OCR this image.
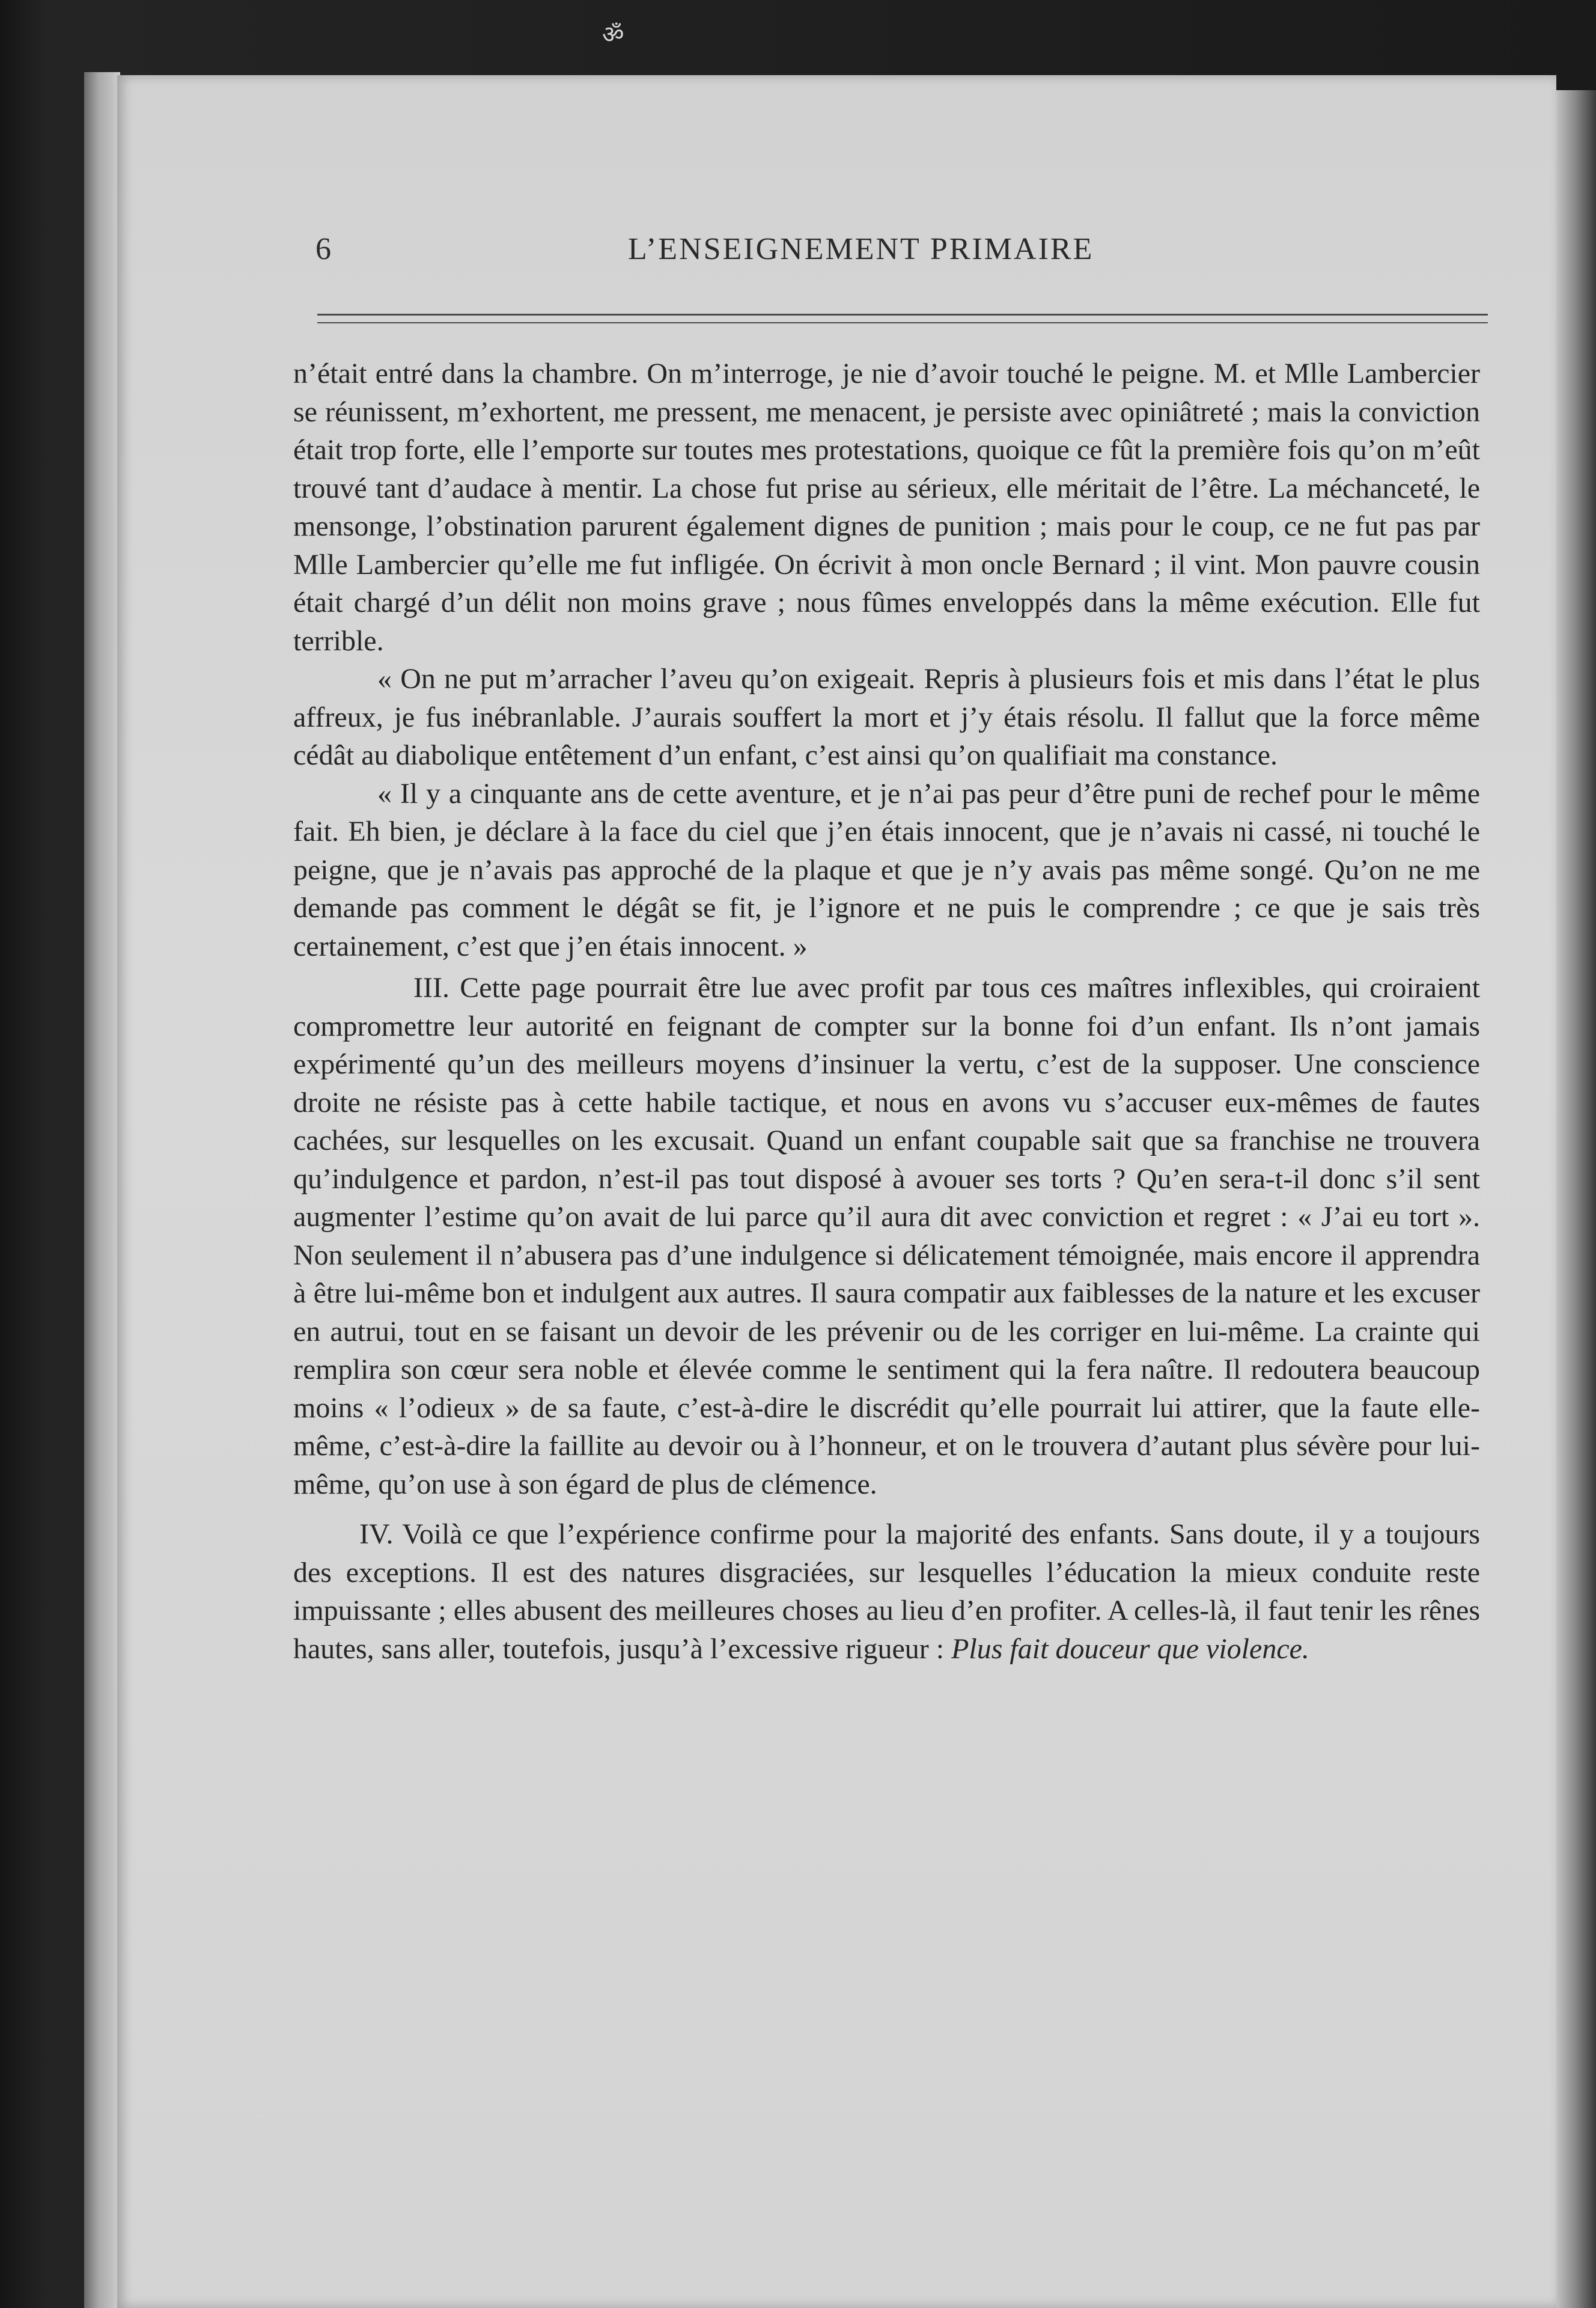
ॐ
6	L’ENSEIGNEMENT PRIMAIRE

n’était entré dans la chambre. On m’interroge, je nie d’avoir touché le peigne. M. et Mlle Lambercier se réunissent, m’exhortent, me pressent, me menacent, je persiste avec opiniâtreté ; mais la conviction était trop forte, elle l’emporte sur toutes mes protestations, quoique ce fût la première fois qu’on m’eût trouvé tant d’audace à mentir. La chose fut prise au sérieux, elle méritait de l’être. La méchanceté, le mensonge, l’obstination parurent également dignes de punition ; mais pour le coup, ce ne fut pas par Mlle Lambercier qu’elle me fut infligée. On écrivit à mon oncle Bernard ; il vint. Mon pauvre cousin était chargé d’un délit non moins grave ; nous fûmes enveloppés dans la même exécution. Elle fut terrible.

« On ne put m’arracher l’aveu qu’on exigeait. Repris à plusieurs fois et mis dans l’état le plus affreux, je fus inébranlable. J’aurais souffert la mort et j’y étais résolu. Il fallut que la force même cédât au diabolique entêtement d’un enfant, c’est ainsi qu’on qualifiait ma constance.

« Il y a cinquante ans de cette aventure, et je n’ai pas peur d’être puni de rechef pour le même fait. Eh bien, je déclare à la face du ciel que j’en étais innocent, que je n’avais ni cassé, ni touché le peigne, que je n’avais pas approché de la plaque et que je n’y avais pas même songé. Qu’on ne me demande pas comment le dégât se fit, je l’ignore et ne puis le comprendre ; ce que je sais très certainement, c’est que j’en étais innocent. »

III. Cette page pourrait être lue avec profit par tous ces maîtres inflexibles, qui croiraient compromettre leur autorité en feignant de compter sur la bonne foi d’un enfant. Ils n’ont jamais expérimenté qu’un des meilleurs moyens d’insinuer la vertu, c’est de la supposer. Une conscience droite ne résiste pas à cette habile tactique, et nous en avons vu s’accuser eux-mêmes de fautes cachées, sur lesquelles on les excusait. Quand un enfant coupable sait que sa franchise ne trouvera qu’indulgence et pardon, n’est-il pas tout disposé à avouer ses torts ? Qu’en sera-t-il donc s’il sent augmenter l’estime qu’on avait de lui parce qu’il aura dit avec conviction et regret : « J’ai eu tort ». Non seulement il n’abusera pas d’une indulgence si délicatement témoignée, mais encore il apprendra à être lui-même bon et indulgent aux autres. Il saura compatir aux faiblesses de la nature et les excuser en autrui, tout en se faisant un devoir de les prévenir ou de les corriger en lui-même. La crainte qui remplira son cœur sera noble et élevée comme le sentiment qui la fera naître. Il redoutera beaucoup moins « l’odieux » de sa faute, c’est-à-dire le discrédit qu’elle pourrait lui attirer, que la faute elle-même, c’est-à-dire la faillite au devoir ou à l’honneur, et on le trouvera d’autant plus sévère pour lui-même, qu’on use à son égard de plus de clémence.

IV. Voilà ce que l’expérience confirme pour la majorité des enfants. Sans doute, il y a toujours des exceptions. Il est des natures disgraciées, sur lesquelles l’éducation la mieux conduite reste impuissante ; elles abusent des meilleures choses au lieu d’en profiter. A celles-là, il faut tenir les rênes hautes, sans aller, toutefois, jusqu’à l’excessive rigueur : Plus fait douceur que violence.
